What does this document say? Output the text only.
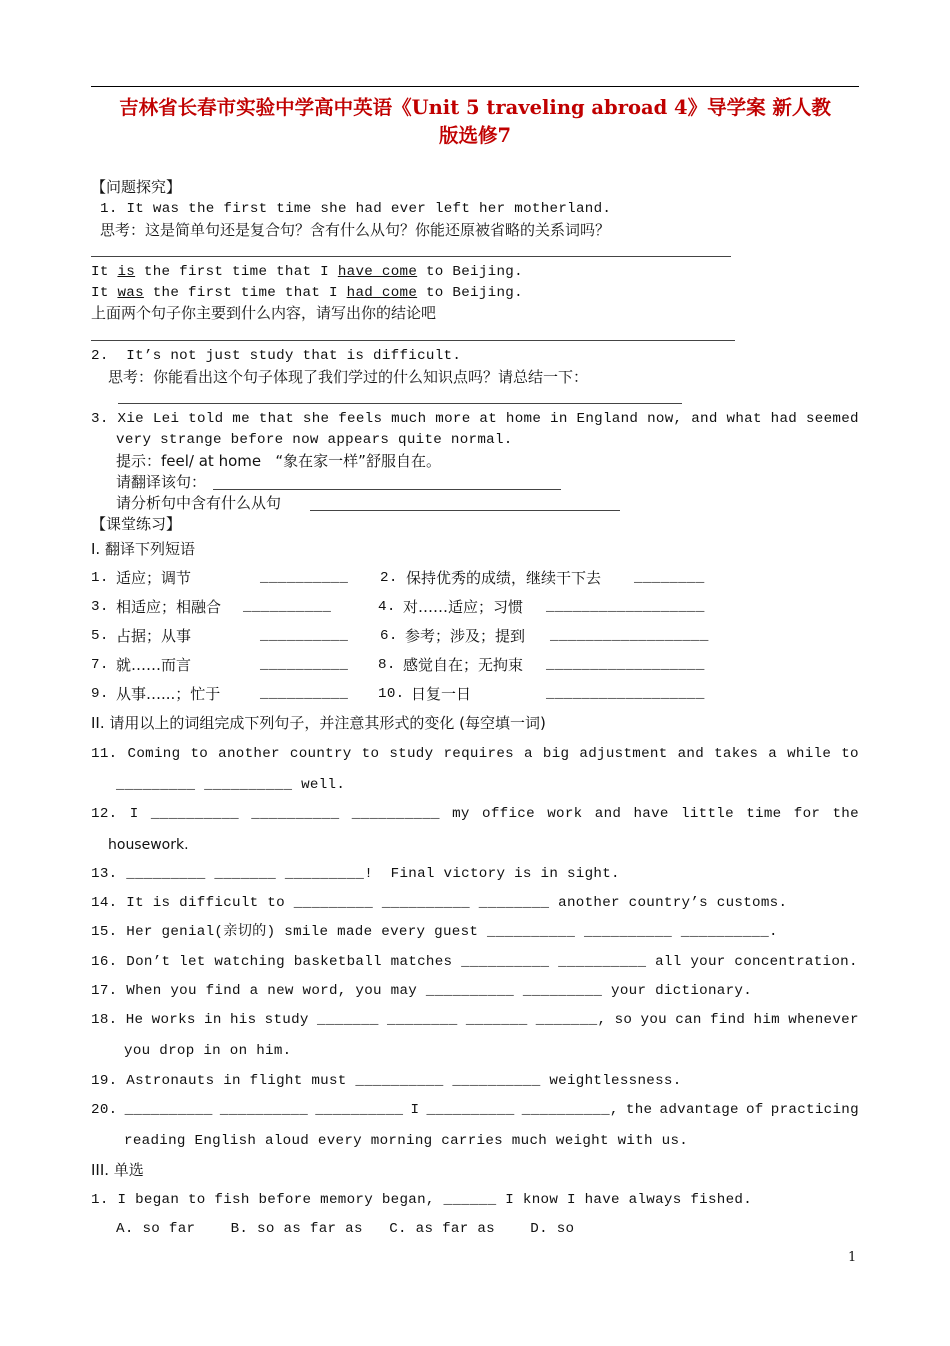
吉林省长春市实验中学高中英语《Unit 5 traveling abroad 4》导学案 新人教
版选修7
【问题探究】
1. It was the first time she had ever left her motherland.
思考：这是简单句还是复合句？含有什么从句？你能还原被省略的关系词吗？
It is the first time that I have come to Beijing.
It was the first time that I had come to Beijing.
上面两个句子你主要到什么内容，请写出你的结论吧
2.  It’s not just study that is difficult.
思考：你能看出这个句子体现了我们学过的什么知识点吗？请总结一下：
3. Xie Lei told me that she feels much more at home in England now, and what had seemed
very strange before now appears quite normal.
提示：feel/ at home   “象在家一样”舒服自在。
请翻译该句：
请分析句中含有什么从句
【课堂练习】
I. 翻译下列短语
1. 适应；调节	__________ 2. 保持优秀的成绩，继续干下去 ________
3. 相适应；相融合 __________	4. 对……适应；习惯 __________________
5. 占据；从事	__________ 6. 参考；涉及；提到 __________________
7. 就……而言	__________ 8. 感觉自在；无拘束 __________________
9. 从事…...；忙于	__________ 10. 日复一日	__________________
II. 请用以上的词组完成下列句子，并注意其形式的变化 (每空填一词)
11. Coming to another country to study requires a big adjustment and takes a while to
_________ __________ well.
12. I __________ __________ __________ my office work and have little time for the
housework.
13. _________ _______ _________!  Final victory is in sight.
14. It is difficult to _________ __________ ________ another country’s customs.
15. Her genial(亲切的) smile made every guest __________ __________ __________.
16. Don’t let watching basketball matches __________ __________ all your concentration.
17. When you find a new word, you may __________ _________ your dictionary.
18. He works in his study _______ ________ _______ _______, so you can find him whenever
you drop in on him.
19. Astronauts in flight must __________ __________ weightlessness.
20. __________ __________ __________ I __________ __________, the advantage of practicing
reading English aloud every morning carries much weight with us.
III. 单选
1. I began to fish before memory began, ______ I know I have always fished.
A. so far    B. so as far as   C. as far as    D. so
1
